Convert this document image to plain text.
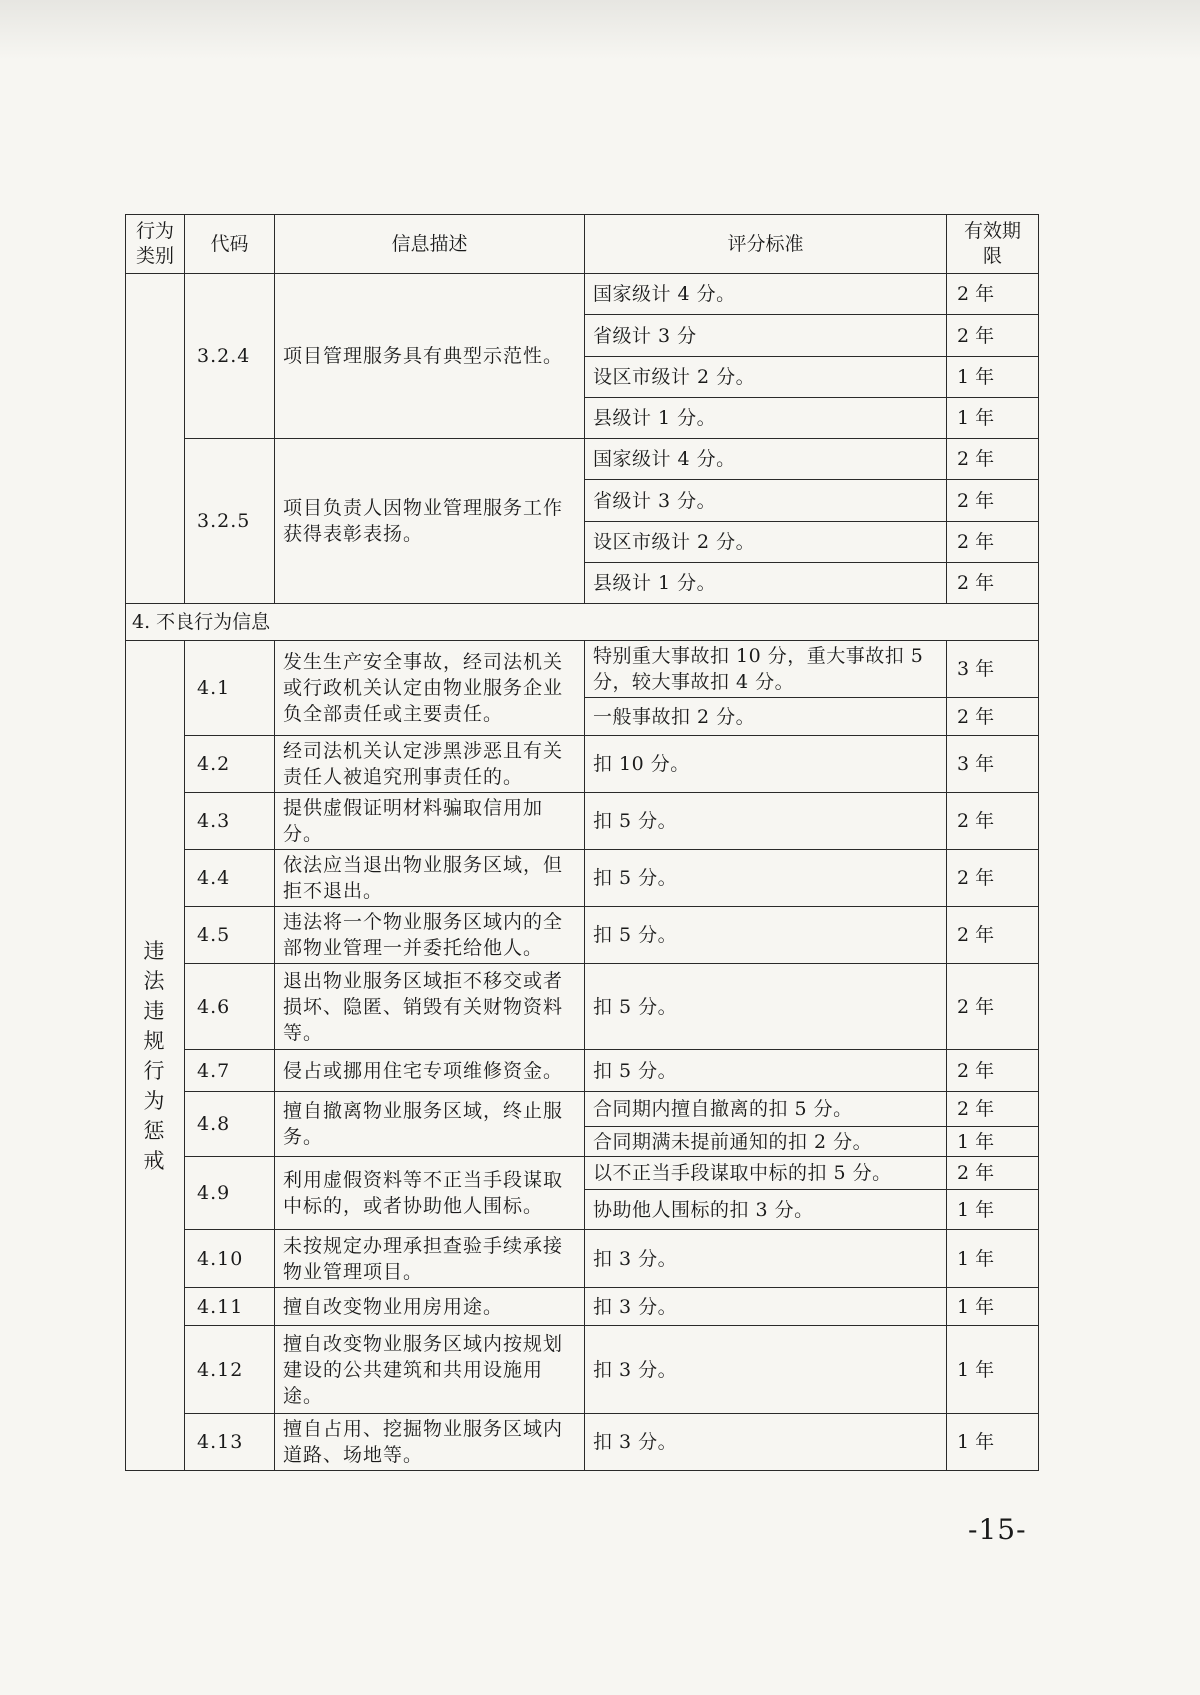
行为类别	代码	信息描述	评分标准	有效期限
	3.2.4	项目管理服务具有典型示范性。	国家级计 4 分。	2 年
			省级计 3 分	2 年
			设区市级计 2 分。	1 年
			县级计 1 分。	1 年
	3.2.5	项目负责人因物业管理服务工作获得表彰表扬。	国家级计 4 分。	2 年
			省级计 3 分。	2 年
			设区市级计 2 分。	2 年
			县级计 1 分。	2 年
4. 不良行为信息				

违法违规行为惩戒	4.1	发生生产安全事故，经司法机关或行政机关认定由物业服务企业负全部责任或主要责任。	特别重大事故扣 10 分，重大事故扣 5 分，较大事故扣 4 分。	3 年
			一般事故扣 2 分。	2 年
	4.2	经司法机关认定涉黑涉恶且有关责任人被追究刑事责任的。	扣 10 分。	3 年
	4.3	提供虚假证明材料骗取信用加分。	扣 5 分。	2 年
	4.4	依法应当退出物业服务区域，但拒不退出。	扣 5 分。	2 年
	4.5	违法将一个物业服务区域内的全部物业管理一并委托给他人。	扣 5 分。	2 年
	4.6	退出物业服务区域拒不移交或者损坏、隐匿、销毁有关财物资料等。	扣 5 分。	2 年
	4.7	侵占或挪用住宅专项维修资金。	扣 5 分。	2 年
	4.8	擅自撤离物业服务区域，终止服务。	合同期内擅自撤离的扣 5 分。	2 年
			合同期满未提前通知的扣 2 分。	1 年
	4.9	利用虚假资料等不正当手段谋取中标的，或者协助他人围标。	以不正当手段谋取中标的扣 5 分。	2 年
			协助他人围标的扣 3 分。	1 年
	4.10	未按规定办理承担查验手续承接物业管理项目。	扣 3 分。	1 年
	4.11	擅自改变物业用房用途。	扣 3 分。	1 年
	4.12	擅自改变物业服务区域内按规划建设的公共建筑和共用设施用途。	扣 3 分。	1 年
	4.13	擅自占用、挖掘物业服务区域内道路、场地等。	扣 3 分。	1 年
-15-
